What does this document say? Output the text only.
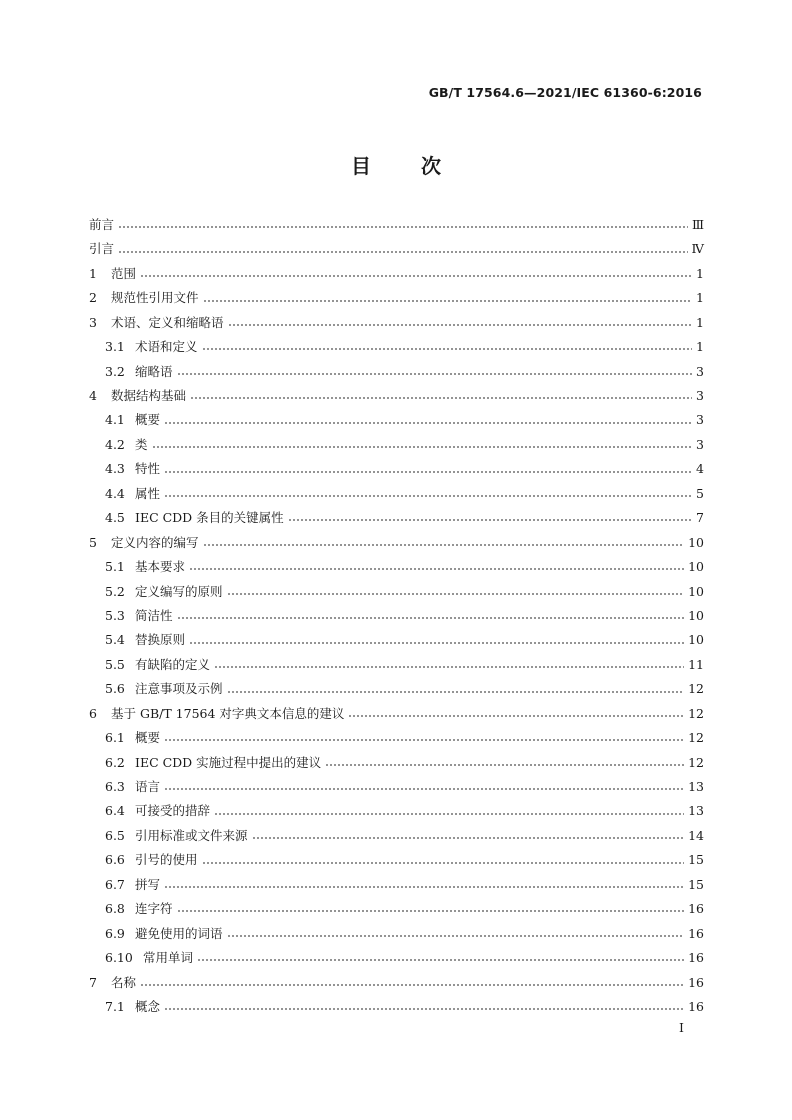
GB/T 17564.6—2021/IEC 61360-6:2016
目	次
前言	Ⅲ
引言	Ⅳ
1	范围	1
2	规范性引用文件	1
3	术语、定义和缩略语	1
3.1 术语和定义	1
3.2 缩略语	3
4	数据结构基础	3
4.1 概要	3
4.2 类	3
4.3 特性	4
4.4 属性	5
4.5 IEC CDD 条目的关键属性	7
5	定义内容的编写	10
5.1 基本要求	10
5.2 定义编写的原则	10
5.3 简洁性	10
5.4 替换原则	10
5.5 有缺陷的定义	11
5.6 注意事项及示例	12
6	基于 GB/T 17564 对字典文本信息的建议	12
6.1 概要	12
6.2 IEC CDD 实施过程中提出的建议	12
6.3 语言	13
6.4 可接受的措辞	13
6.5 引用标准或文件来源	14
6.6 引号的使用	15
6.7 拼写	15
6.8 连字符	16
6.9 避免使用的词语	16
6.10 常用单词	16
7	名称	16
7.1 概念	16
Ⅰ
